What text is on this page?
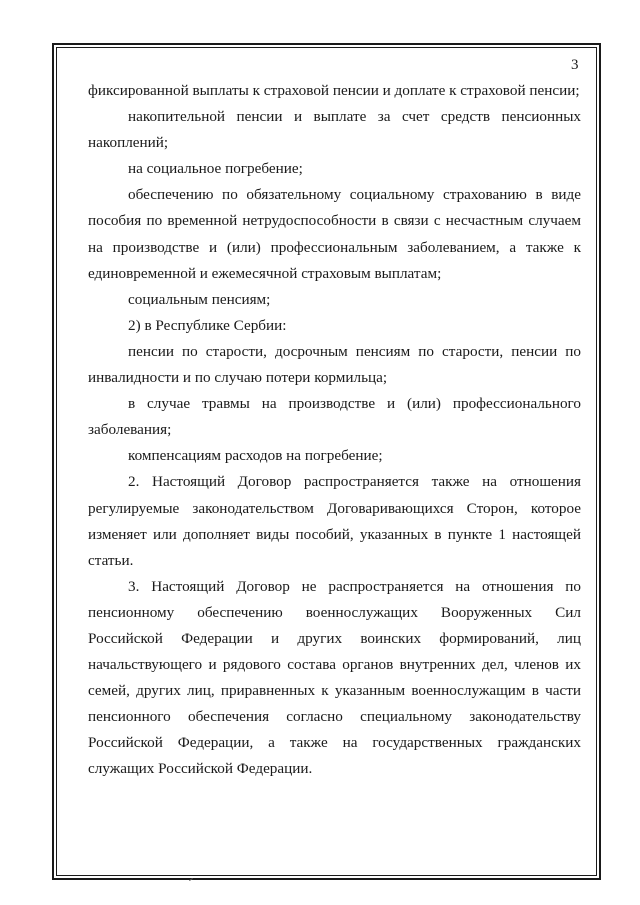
3

фиксированной выплаты к страховой пенсии и доплате к страховой пенсии;

накопительной пенсии и выплате за счет средств пенсионных накоплений;

на социальное погребение;

обеспечению по обязательному социальному страхованию в виде пособия по временной нетрудоспособности в связи с несчастным случаем на производстве и (или) профессиональным заболеванием, а также к единовременной и ежемесячной страховым выплатам;

социальным пенсиям;

2) в Республике Сербии:

пенсии по старости, досрочным пенсиям по старости, пенсии по инвалидности и по случаю потери кормильца;

в случае травмы на производстве и (или) профессионального заболевания;

компенсациям расходов на погребение;

2. Настоящий Договор распространяется также на отношения регулируемые законодательством Договаривающихся Сторон, которое изменяет или дополняет виды пособий, указанных в пункте 1 настоящей статьи.

3. Настоящий Договор не распространяется на отношения по пенсионному обеспечению военнослужащих Вооруженных Сил Российской Федерации и других воинских формирований, лиц начальствующего и рядового состава органов внутренних дел, членов их семей, других лиц, приравненных к указанным военнослужащим в части пенсионного обеспечения согласно специальному законодательству Российской Федерации, а также на государственных гражданских служащих Российской Федерации.
